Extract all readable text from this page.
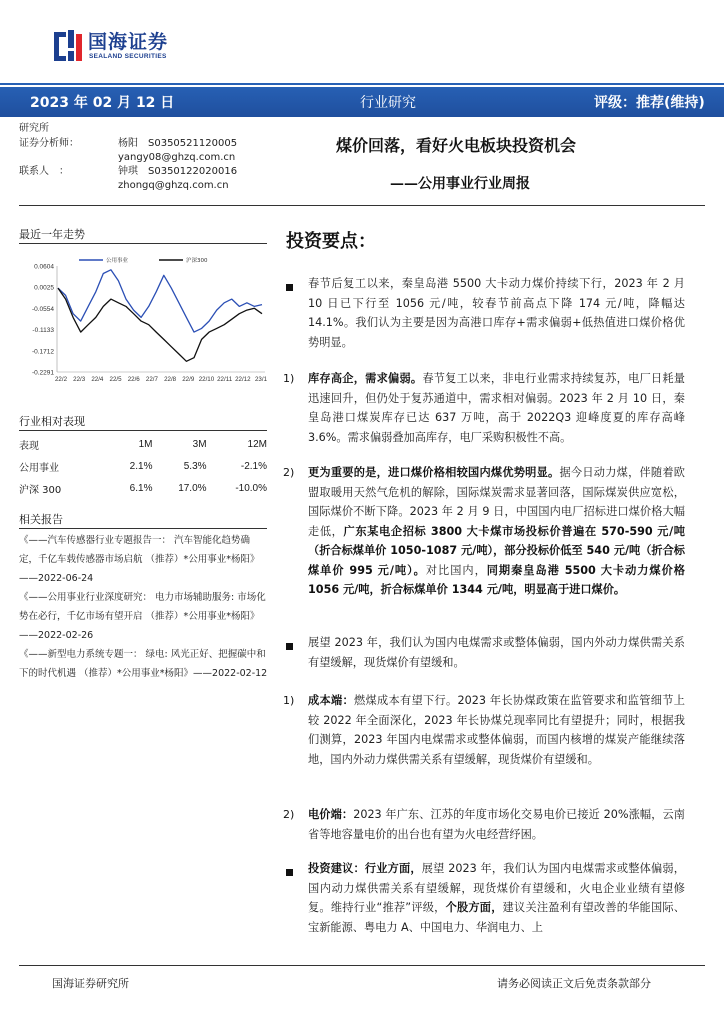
国海证券
SEALAND SECURITIES
2023 年 02 月 12 日	行业研究	评级：推荐(维持)
研究所
证券分析师：	杨阳 S0350521120005
yangy08@ghzq.com.cn
联系人　：	钟琪 S0350122020016
zhongq@ghzq.com.cn
煤价回落，看好火电板块投资机会
——公用事业行业周报
最近一年走势
0.0604
0.0025
-0.0554
-0.1133
-0.1712
-0.2291
22/2 22/3 22/4 22/5 22/6 22/7 22/8 22/9 22/10 22/11 22/12 23/1
公用事业	沪深300
行业相对表现
表现	1M	3M	12M
公用事业	2.1%	5.3%	-2.1%
沪深 300	6.1%	17.0%	-10.0%
相关报告

《——汽车传感器行业专题报告一： 汽车智能化趋势确定，千亿车载传感器市场启航 （推荐）*公用事业*杨阳》——2022-06-24

《——公用事业行业深度研究： 电力市场辅助服务: 市场化势在必行，千亿市场有望开启 （推荐）*公用事业*杨阳》——2022-02-26

《——新型电力系统专题一： 绿电: 风光正好、把握碳中和下的时代机遇 （推荐）*公用事业*杨阳》——2022-02-12

投资要点：
春节后复工以来，秦皇岛港 5500 大卡动力煤价持续下行，2023 年 2 月 10 日已下行至 1056 元/吨，较春节前高点下降 174 元/吨，降幅达 14.1%。我们认为主要是因为高港口库存+需求偏弱+低热值进口煤价格优势明显。
1) 库存高企，需求偏弱。春节复工以来，非电行业需求持续复苏，电厂日耗量迅速回升，但仍处于复苏通道中，需求相对偏弱。2023 年 2 月 10 日，秦皇岛港口煤炭库存已达 637 万吨，高于 2022Q3 迎峰度夏的库存高峰 3.6%。需求偏弱叠加高库存，电厂采购积极性不高。
2) 更为重要的是，进口煤价格相较国内煤优势明显。据今日动力煤，伴随着欧盟取暖用天然气危机的解除，国际煤炭需求显著回落，国际煤炭供应宽松，国际煤价不断下降。2023 年 2 月 9 日，中国国内电厂招标进口煤价格大幅走低，广东某电企招标 3800 大卡煤市场投标价普遍在 570-590 元/吨（折合标煤单价 1050-1087 元/吨），部分投标价低至 540 元/吨（折合标煤单价 995 元/吨）。对比国内，同期秦皇岛港 5500 大卡动力煤价格 1056 元/吨，折合标煤单价 1344 元/吨，明显高于进口煤价。
展望 2023 年，我们认为国内电煤需求或整体偏弱，国内外动力煤供需关系有望缓解，现货煤价有望缓和。
1) 成本端：燃煤成本有望下行。2023 年长协煤政策在监管要求和监管细节上较 2022 年全面深化，2023 年长协煤兑现率同比有望提升；同时，根据我们测算，2023 年国内电煤需求或整体偏弱，而国内核增的煤炭产能继续落地，国内外动力煤供需关系有望缓解，现货煤价有望缓和。
2) 电价端：2023 年广东、江苏的年度市场化交易电价已接近 20%涨幅，云南省等地容量电价的出台也有望为火电经营纾困。
投资建议：行业方面，展望 2023 年，我们认为国内电煤需求或整体偏弱，国内动力煤供需关系有望缓解，现货煤价有望缓和，火电企业业绩有望修复。维持行业“推荐”评级，个股方面，建议关注盈利有望改善的华能国际、宝新能源、粤电力 A、中国电力、华润电力、上
国海证券研究所	请务必阅读正文后免责条款部分
